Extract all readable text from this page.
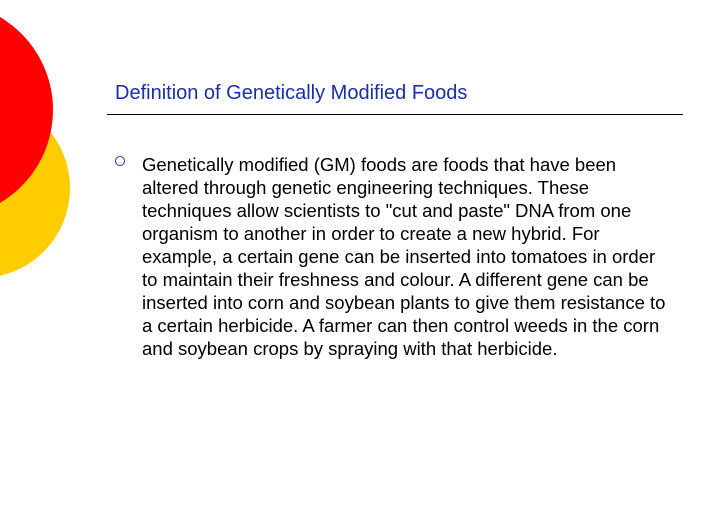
Definition of Genetically Modified Foods
Genetically modified (GM) foods are foods that have been altered through genetic engineering techniques. These techniques allow scientists to "cut and paste" DNA from one organism to another in order to create a new hybrid. For example, a certain gene can be inserted into tomatoes in order to maintain their freshness and colour. A different gene can be inserted into corn and soybean plants to give them resistance to a certain herbicide. A farmer can then control weeds in the corn and soybean crops by spraying with that herbicide.
